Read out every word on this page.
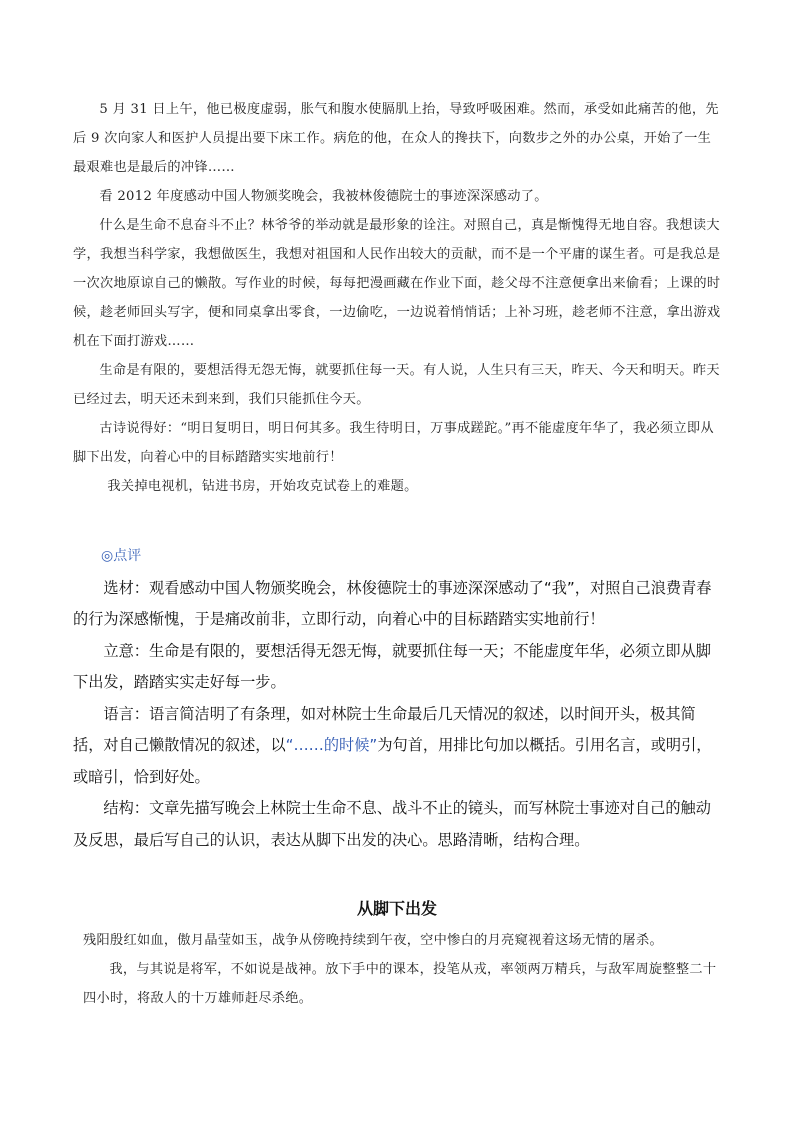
5 月 31 日上午，他已极度虚弱，胀气和腹水使膈肌上抬，导致呼吸困难。然而，承受如此痛苦的他，先后 9 次向家人和医护人员提出要下床工作。病危的他，在众人的搀扶下，向数步之外的办公桌，开始了一生最艰难也是最后的冲锋……

看 2012 年度感动中国人物颁奖晚会，我被林俊德院士的事迹深深感动了。

什么是生命不息奋斗不止？林爷爷的举动就是最形象的诠注。对照自己，真是惭愧得无地自容。我想读大学，我想当科学家，我想做医生，我想对祖国和人民作出较大的贡献，而不是一个平庸的谋生者。可是我总是一次次地原谅自己的懒散。写作业的时候，每每把漫画藏在作业下面，趁父母不注意便拿出来偷看；上课的时候，趁老师回头写字，便和同桌拿出零食，一边偷吃，一边说着悄悄话；上补习班，趁老师不注意，拿出游戏机在下面打游戏……

生命是有限的，要想活得无怨无悔，就要抓住每一天。有人说，人生只有三天，昨天、今天和明天。昨天已经过去，明天还未到来到，我们只能抓住今天。

古诗说得好：“明日复明日，明日何其多。我生待明日，万事成蹉跎。”再不能虚度年华了，我必须立即从脚下出发，向着心中的目标踏踏实实地前行！

我关掉电视机，钻进书房，开始攻克试卷上的难题。

◎点评

选材：观看感动中国人物颁奖晚会，林俊德院士的事迹深深感动了“我”，对照自己浪费青春的行为深感惭愧，于是痛改前非，立即行动，向着心中的目标踏踏实实地前行！

立意：生命是有限的，要想活得无怨无悔，就要抓住每一天；不能虚度年华，必须立即从脚下出发，踏踏实实走好每一步。

语言：语言简洁明了有条理，如对林院士生命最后几天情况的叙述，以时间开头，极其简括，对自己懒散情况的叙述，以“……的时候”为句首，用排比句加以概括。引用名言，或明引，或暗引，恰到好处。

结构：文章先描写晚会上林院士生命不息、战斗不止的镜头，而写林院士事迹对自己的触动及反思，最后写自己的认识，表达从脚下出发的决心。思路清晰，结构合理。

从脚下出发

残阳殷红如血，傲月晶莹如玉，战争从傍晚持续到午夜，空中惨白的月亮窥视着这场无情的屠杀。

我，与其说是将军，不如说是战神。放下手中的课本，投笔从戎，率领两万精兵，与敌军周旋整整二十四小时，将敌人的十万雄师赶尽杀绝。
